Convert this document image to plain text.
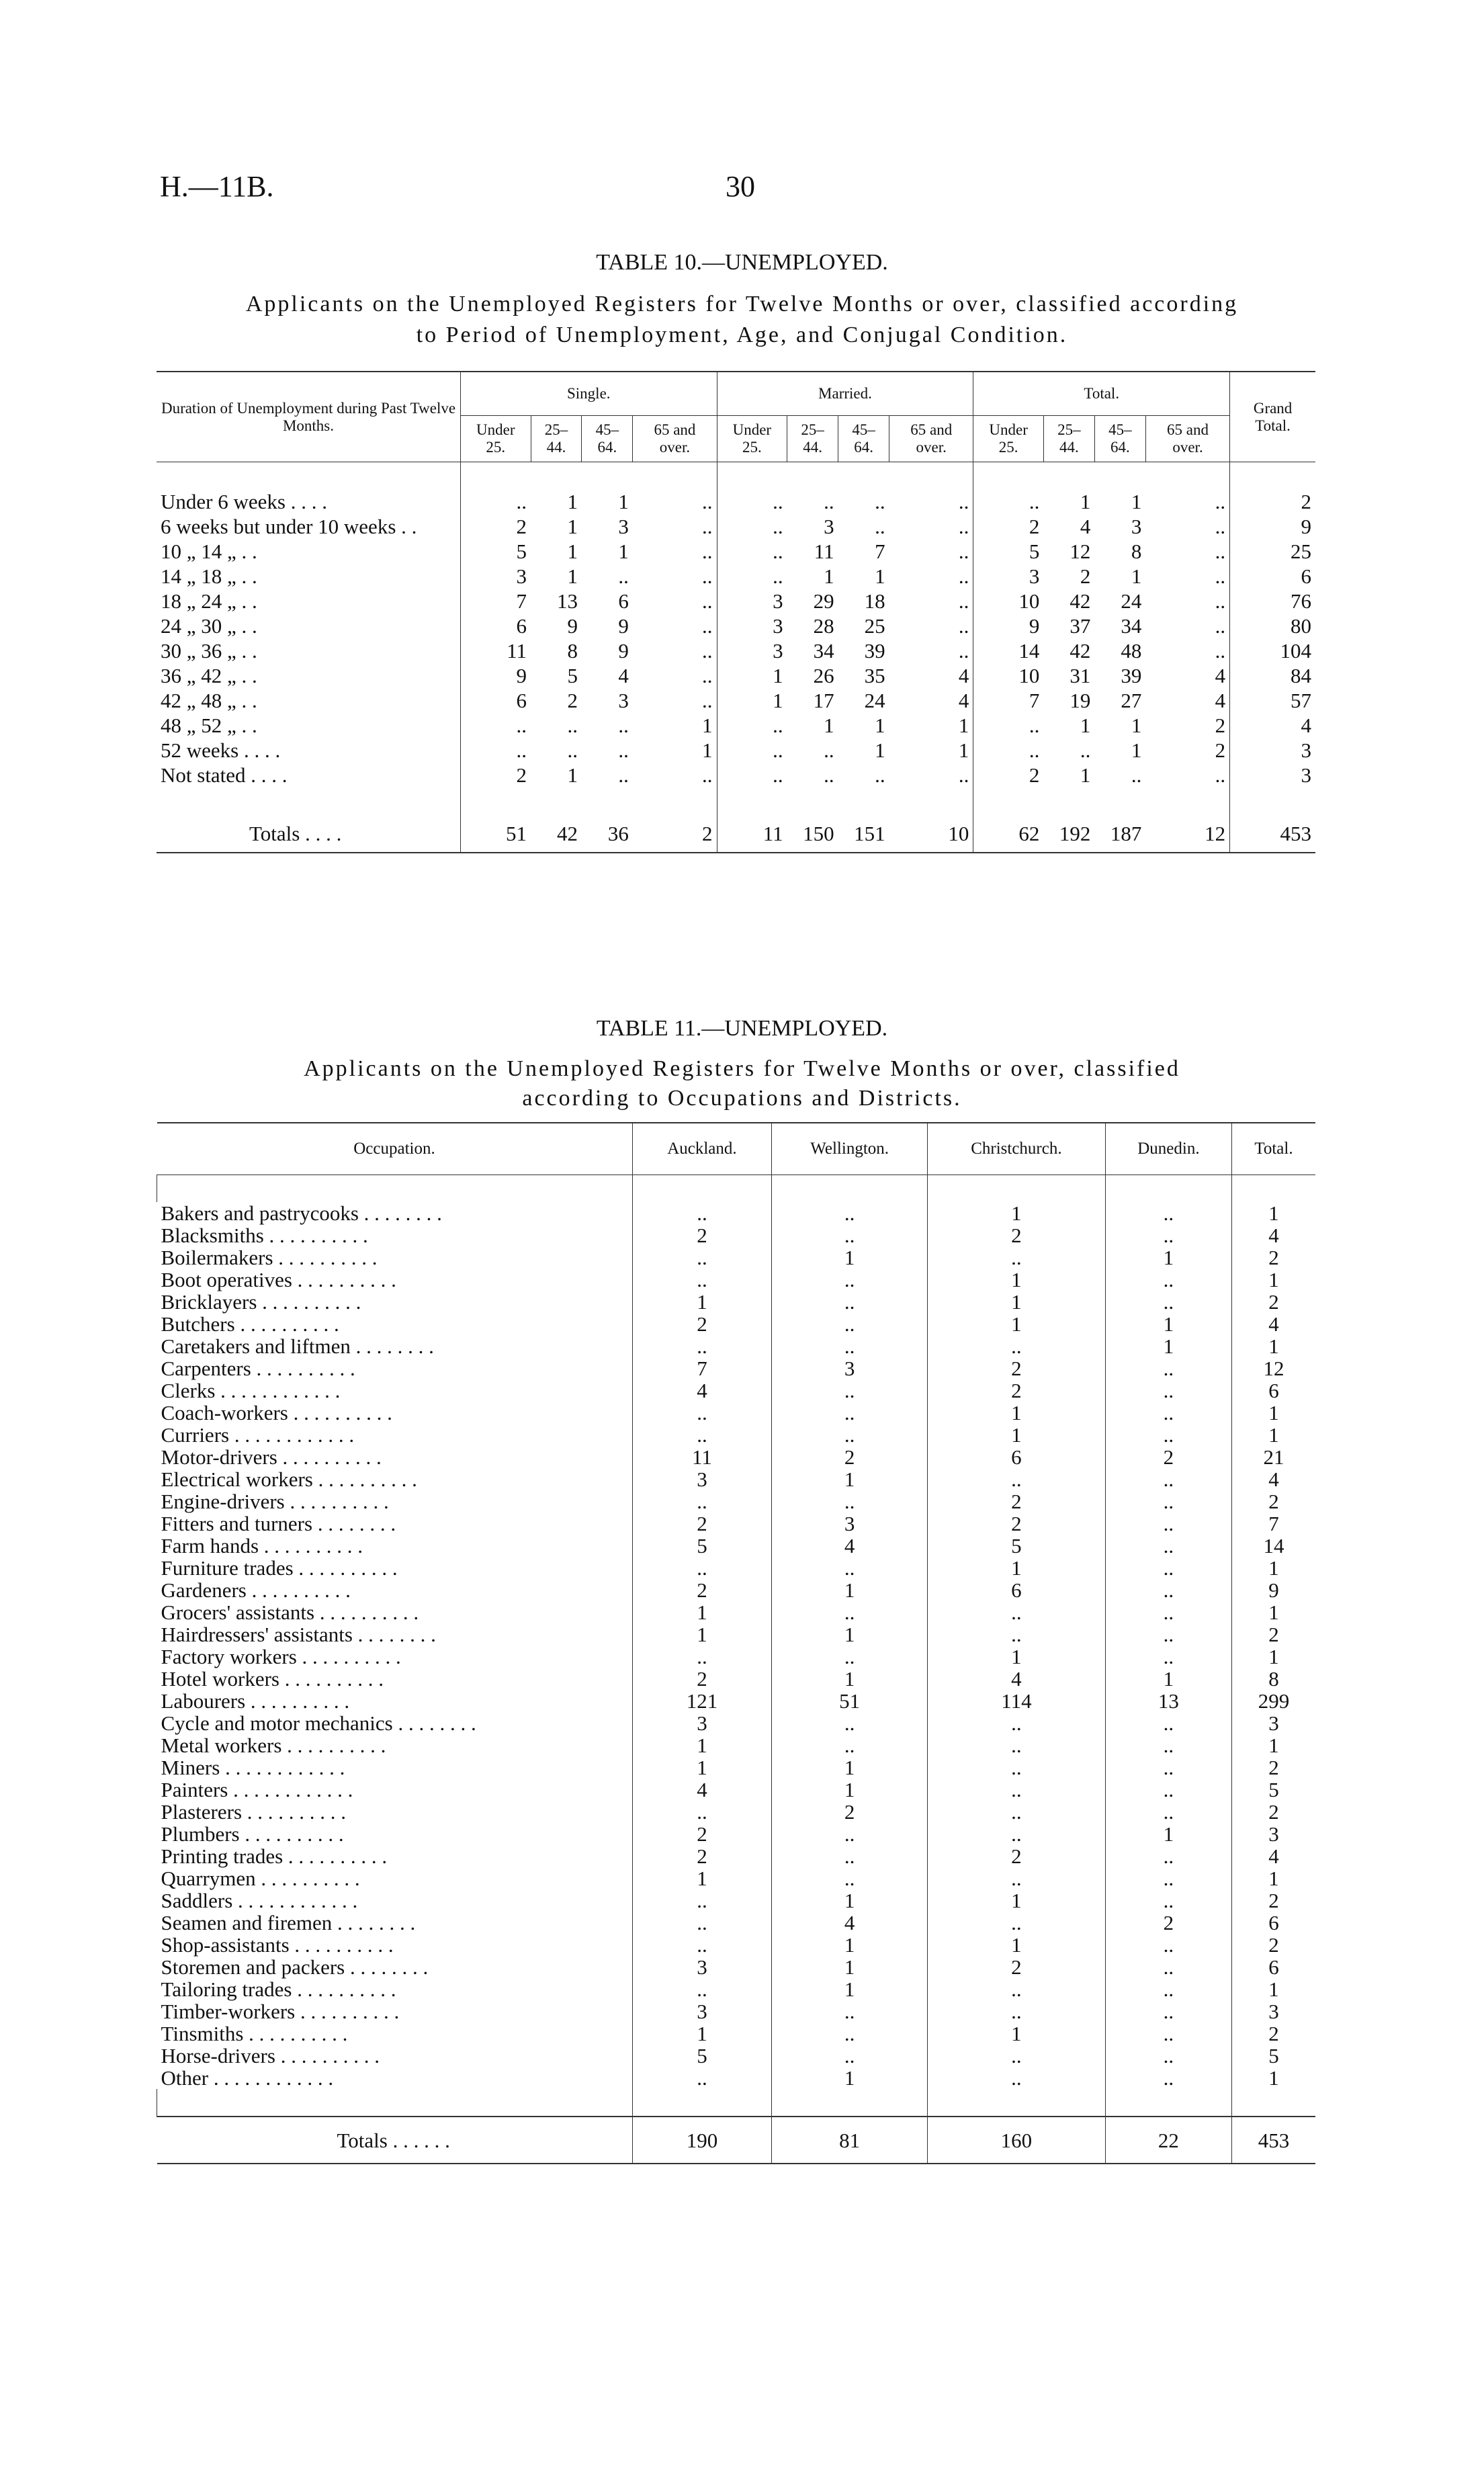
H.—11B.	30
TABLE 10.—UNEMPLOYED.
Applicants on the Unemployed Registers for Twelve Months or over, classified according
to Period of Unemployment, Age, and Conjugal Condition.
Duration of Unemployment during Past Twelve Months.	Single.				Married.				Total.				Grand Total.
	Under 25.	25–44.	45–64.	65 and over.	Under 25.	25–44.	45–64.	65 and over.	Under 25.	25–44.	45–64.	65 and over.	

Under 6 weeks . . . .	..	1	1	..	..	..	..	..	..	1	1	..	2
6 weeks but under 10 weeks . .	2	1	3	..	..	3	..	..	2	4	3	..	9
10 „ 14 „ . .	5	1	1	..	..	11	7	..	5	12	8	..	25
14 „ 18 „ . .	3	1	..	..	..	1	1	..	3	2	1	..	6
18 „ 24 „ . .	7	13	6	..	3	29	18	..	10	42	24	..	76
24 „ 30 „ . .	6	9	9	..	3	28	25	..	9	37	34	..	80
30 „ 36 „ . .	11	8	9	..	3	34	39	..	14	42	48	..	104
36 „ 42 „ . .	9	5	4	..	1	26	35	4	10	31	39	4	84
42 „ 48 „ . .	6	2	3	..	1	17	24	4	7	19	27	4	57
48 „ 52 „ . .	..	..	..	1	..	1	1	1	..	1	1	2	4
52 weeks . . . .	..	..	..	1	..	..	1	1	..	..	1	2	3
Not stated . . . .	2	1	..	..	..	..	..	..	2	1	..	..	3

Totals . . . .	51	42	36	2	11	150	151	10	62	192	187	12	453
TABLE 11.—UNEMPLOYED.
Applicants on the Unemployed Registers for Twelve Months or over, classified
according to Occupations and Districts.
Occupation.	Auckland.	Wellington.	Christchurch.	Dunedin.	Total.

Bakers and pastrycooks . . . . . . . .	..	..	1	..	1
Blacksmiths . . . . . . . . . .	2	..	2	..	4
Boilermakers . . . . . . . . . .	..	1	..	1	2
Boot operatives . . . . . . . . . .	..	..	1	..	1
Bricklayers . . . . . . . . . .	1	..	1	..	2
Butchers . . . . . . . . . .	2	..	1	1	4
Caretakers and liftmen . . . . . . . .	..	..	..	1	1
Carpenters . . . . . . . . . .	7	3	2	..	12
Clerks . . . . . . . . . . . .	4	..	2	..	6
Coach-workers . . . . . . . . . .	..	..	1	..	1
Curriers . . . . . . . . . . . .	..	..	1	..	1
Motor-drivers . . . . . . . . . .	11	2	6	2	21
Electrical workers . . . . . . . . . .	3	1	..	..	4
Engine-drivers . . . . . . . . . .	..	..	2	..	2
Fitters and turners . . . . . . . .	2	3	2	..	7
Farm hands . . . . . . . . . .	5	4	5	..	14
Furniture trades . . . . . . . . . .	..	..	1	..	1
Gardeners . . . . . . . . . .	2	1	6	..	9
Grocers' assistants . . . . . . . . . .	1	..	..	..	1
Hairdressers' assistants . . . . . . . .	1	1	..	..	2
Factory workers . . . . . . . . . .	..	..	1	..	1
Hotel workers . . . . . . . . . .	2	1	4	1	8
Labourers . . . . . . . . . .	121	51	114	13	299
Cycle and motor mechanics . . . . . . . .	3	..	..	..	3
Metal workers . . . . . . . . . .	1	..	..	..	1
Miners . . . . . . . . . . . .	1	1	..	..	2
Painters . . . . . . . . . . . .	4	1	..	..	5
Plasterers . . . . . . . . . .	..	2	..	..	2
Plumbers . . . . . . . . . .	2	..	..	1	3
Printing trades . . . . . . . . . .	2	..	2	..	4
Quarrymen . . . . . . . . . .	1	..	..	..	1
Saddlers . . . . . . . . . . . .	..	1	1	..	2
Seamen and firemen . . . . . . . .	..	4	..	2	6
Shop-assistants . . . . . . . . . .	..	1	1	..	2
Storemen and packers . . . . . . . .	3	1	2	..	6
Tailoring trades . . . . . . . . . .	..	1	..	..	1
Timber-workers . . . . . . . . . .	3	..	..	..	3
Tinsmiths . . . . . . . . . .	1	..	1	..	2
Horse-drivers . . . . . . . . . .	5	..	..	..	5
Other . . . . . . . . . . . .	..	1	..	..	1

Totals . . . . . .	190	81	160	22	453
